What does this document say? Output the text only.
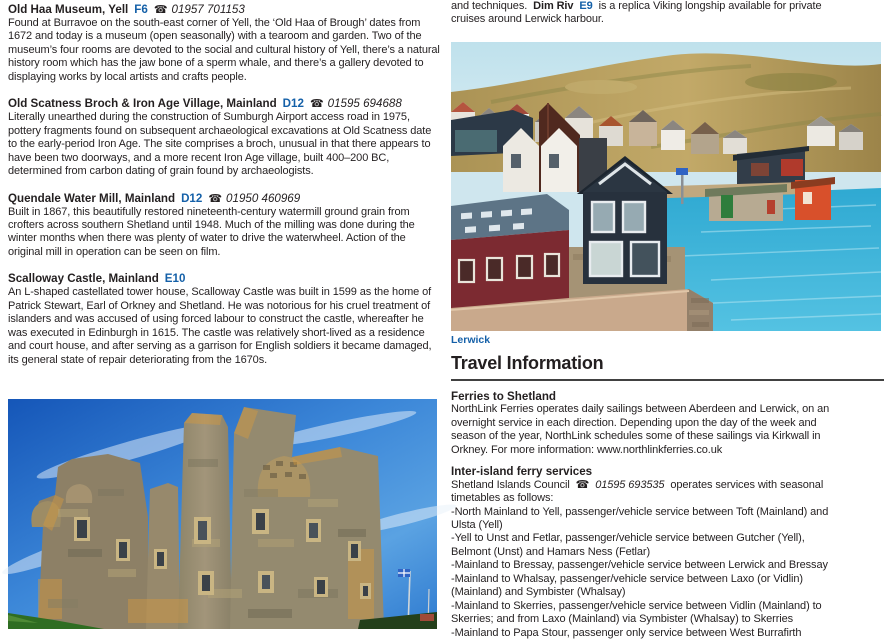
Old Haa Museum, Yell F6 ☎ 01957 701153

Found at Burravoe on the south-east corner of Yell, the ‘Old Haa of Brough’ dates from 1672 and today is a museum (open seasonally) with a tearoom and garden. Two of the museum’s four rooms are devoted to the social and cultural history of Yell, there’s a natural history room which has the jaw bone of a sperm whale, and there’s a gallery devoted to displaying works by local artists and crafts people.

Old Scatness Broch & Iron Age Village, Mainland D12 ☎ 01595 694688

Literally unearthed during the construction of Sumburgh Airport access road in 1975, pottery fragments found on subsequent archaeological excavations at Old Scatness date to the early-period Iron Age. The site comprises a broch, unusual in that there appears to have been two doorways, and a more recent Iron Age village, built 400–200 BC, determined from carbon dating of grain found by archaeologists.

Quendale Water Mill, Mainland D12 ☎ 01950 460969

Built in 1867, this beautifully restored nineteenth-century watermill ground grain from crofters across southern Shetland until 1948. Much of the milling was done during the winter months when there was plenty of water to drive the waterwheel. Action of the original mill in operation can be seen on film.

Scalloway Castle, Mainland E10

An L-shaped castellated tower house, Scalloway Castle was built in 1599 as the home of Patrick Stewart, Earl of Orkney and Shetland. He was notorious for his cruel treatment of islanders and was accused of using forced labour to construct the castle, whereafter he was executed in Edinburgh in 1615. The castle was relatively short-lived as a residence and court house, and after serving as a garrison for English soldiers it became damaged, its general state of repair deteriorating from the 1670s.

and techniques. Dim Riv E9 is a replica Viking longship available for private
cruises around Lerwick harbour.
Lerwick
Travel Information
Ferries to Shetland
NorthLink Ferries operates daily sailings between Aberdeen and Lerwick, on an
overnight service in each direction. Depending upon the day of the week and
season of the year, NorthLink schedules some of these sailings via Kirkwall in
Orkney. For more information: www.northlinkferries.co.uk
Inter-island ferry services
Shetland Islands Council ☎ 01595 693535 operates services with seasonal
timetables as follows:
-North Mainland to Yell, passenger/vehicle service between Toft (Mainland) and
Ulsta (Yell)
-Yell to Unst and Fetlar, passenger/vehicle service between Gutcher (Yell),
Belmont (Unst) and Hamars Ness (Fetlar)
-Mainland to Bressay, passenger/vehicle service between Lerwick and Bressay
-Mainland to Whalsay, passenger/vehicle service between Laxo (or Vidlin)
(Mainland) and Symbister (Whalsay)
-Mainland to Skerries, passenger/vehicle service between Vidlin (Mainland) to
Skerries; and from Laxo (Mainland) via Symbister (Whalsay) to Skerries
-Mainland to Papa Stour, passenger only service between West Burrafirth
